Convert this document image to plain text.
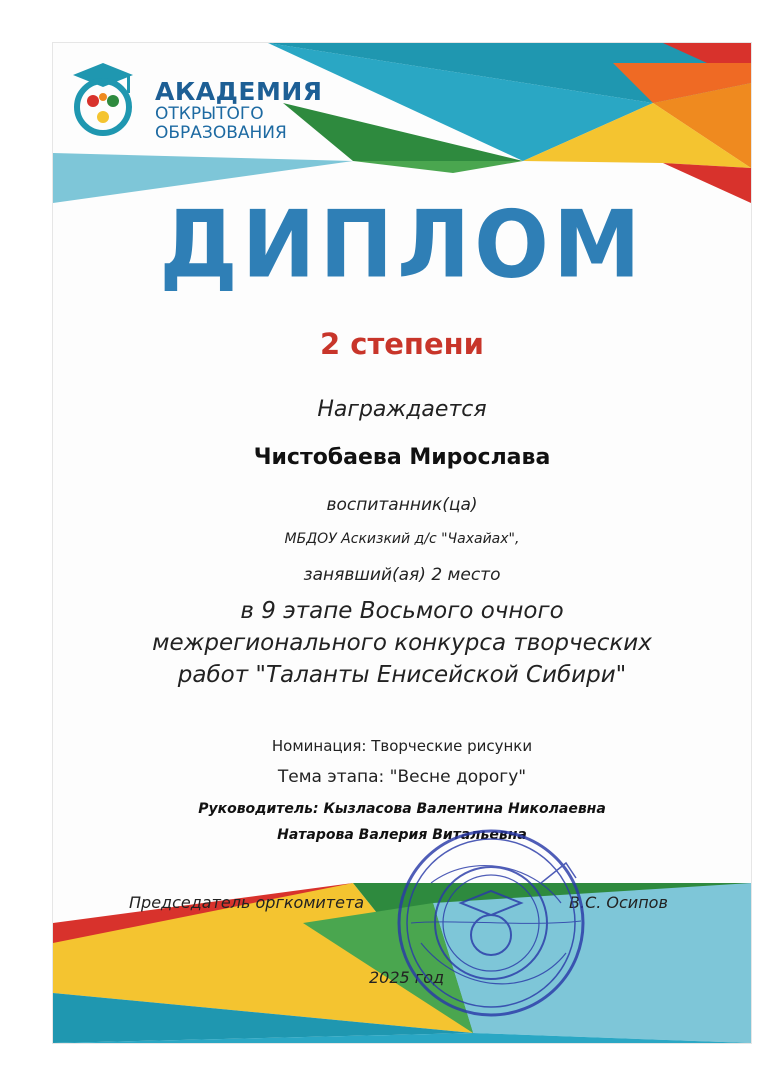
АКАДЕМИЯ
ОТКРЫТОГО
ОБРАЗОВАНИЯ
ДИПЛОМ
2 степени
Награждается
Чистобаева Мирослава
воспитанник(ца)
МБДОУ Аскизкий д/с "Чахайах",
занявший(ая) 2 место
в 9 этапе Восьмого очного
межрегионального конкурса творческих
работ "Таланты Енисейской Сибири"
Номинация: Творческие рисунки
Тема этапа: "Весне дорогу"
Руководитель: Кызласова Валентина Николаевна
Натарова Валерия Витальевна
Председатель оргкомитета	В.С. Осипов
2025 год
